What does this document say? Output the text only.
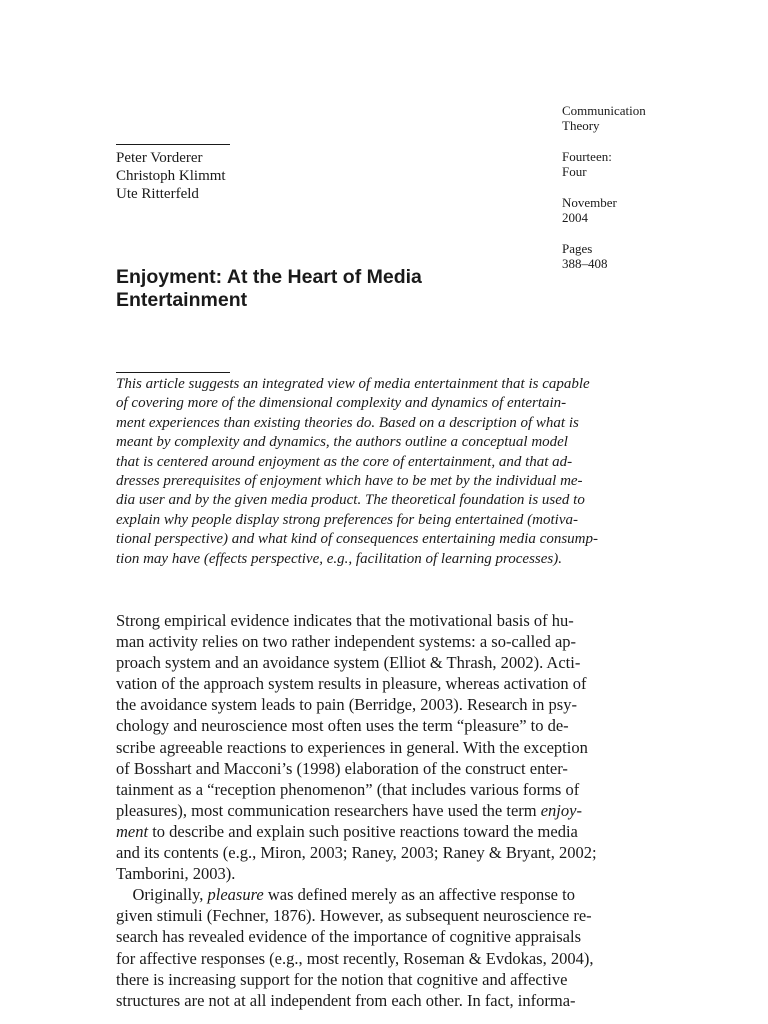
Peter Vorderer
Christoph Klimmt
Ute Ritterfeld
Communication
Theory
Fourteen:
Four
November
2004
Pages
388–408
Enjoyment: At the Heart of Media Entertainment
This article suggests an integrated view of media entertainment that is capable
of covering more of the dimensional complexity and dynamics of entertain-
ment experiences than existing theories do. Based on a description of what is
meant by complexity and dynamics, the authors outline a conceptual model
that is centered around enjoyment as the core of entertainment, and that ad-
dresses prerequisites of enjoyment which have to be met by the individual me-
dia user and by the given media product. The theoretical foundation is used to
explain why people display strong preferences for being entertained (motiva-
tional perspective) and what kind of consequences entertaining media consump-
tion may have (effects perspective, e.g., facilitation of learning processes).
Strong empirical evidence indicates that the motivational basis of hu-
man activity relies on two rather independent systems: a so-called ap-
proach system and an avoidance system (Elliot & Thrash, 2002). Acti-
vation of the approach system results in pleasure, whereas activation of
the avoidance system leads to pain (Berridge, 2003). Research in psy-
chology and neuroscience most often uses the term “pleasure” to de-
scribe agreeable reactions to experiences in general. With the exception
of Bosshart and Macconi’s (1998) elaboration of the construct enter-
tainment as a “reception phenomenon” (that includes various forms of
pleasures), most communication researchers have used the term enjoy-
ment to describe and explain such positive reactions toward the media
and its contents (e.g., Miron, 2003; Raney, 2003; Raney & Bryant, 2002;
Tamborini, 2003).
Originally, pleasure was defined merely as an affective response to
given stimuli (Fechner, 1876). However, as subsequent neuroscience re-
search has revealed evidence of the importance of cognitive appraisals
for affective responses (e.g., most recently, Roseman & Evdokas, 2004),
there is increasing support for the notion that cognitive and affective
structures are not at all independent from each other. In fact, informa-
